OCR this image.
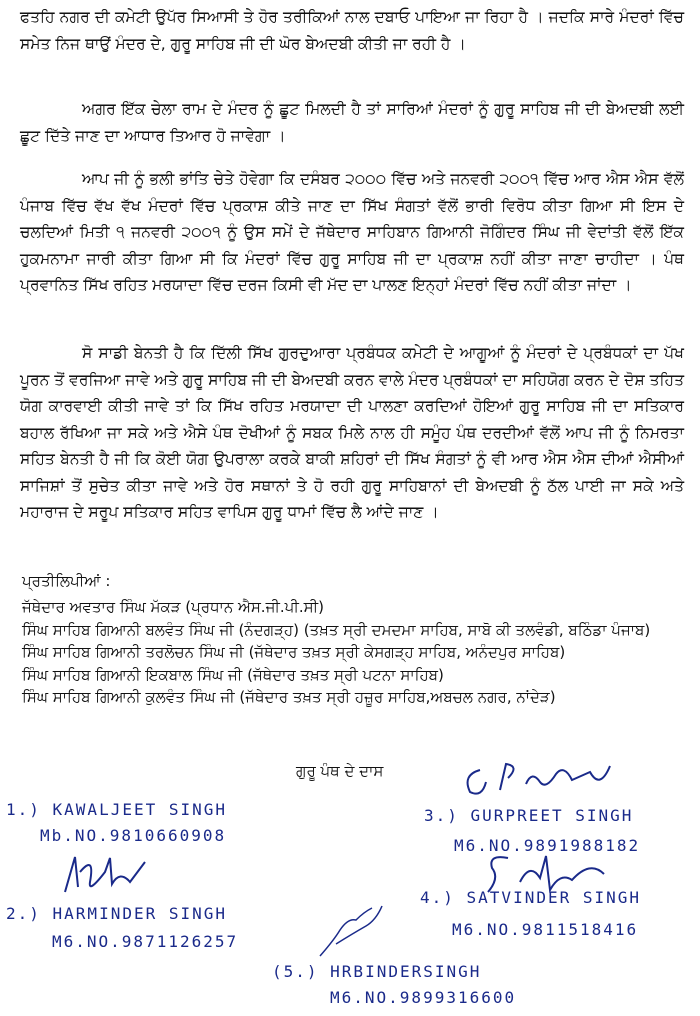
ਫਤਹਿ ਨਗਰ ਦੀ ਕਮੇਟੀ ਉਪੱਰ ਸਿਆਸੀ ਤੇ ਹੋਰ ਤਰੀਕਿਆਂ ਨਾਲ ਦਬਾਓ ਪਾਇਆ ਜਾ ਰਿਹਾ ਹੈ । ਜਦਕਿ ਸਾਰੇ ਮੰਦਰਾਂ ਵਿੱਚ ਸਮੇਤ ਨਿਜ ਥਾਉਂ ਮੰਦਰ ਦੇ, ਗੁਰੂ ਸਾਹਿਬ ਜੀ ਦੀ ਘੋਰ ਬੇਅਦਬੀ ਕੀਤੀ ਜਾ ਰਹੀ ਹੈ ।

ਅਗਰ ਇੱਕ ਚੇਲਾ ਰਾਮ ਦੇ ਮੰਦਰ ਨੂੰ ਛੂਟ ਮਿਲਦੀ ਹੈ ਤਾਂ ਸਾਰਿਆਂ ਮੰਦਰਾਂ ਨੂੰ ਗੁਰੂ ਸਾਹਿਬ ਜੀ ਦੀ ਬੇਅਦਬੀ ਲਈ ਛੂਟ ਦਿੱਤੇ ਜਾਣ ਦਾ ਆਧਾਰ ਤਿਆਰ ਹੋ ਜਾਵੇਗਾ ।

ਆਪ ਜੀ ਨੂੰ ਭਲੀ ਭਾਂਤਿ ਚੇਤੇ ਹੋਵੇਗਾ ਕਿ ਦਸੰਬਰ ੨੦੦੦ ਵਿੱਚ ਅਤੇ ਜਨਵਰੀ ੨੦੦੧ ਵਿੱਚ ਆਰ ਐਸ ਐਸ ਵੱਲੋਂ ਪੰਜਾਬ ਵਿੱਚ ਵੱਖ ਵੱਖ ਮੰਦਰਾਂ ਵਿੱਚ ਪ੍ਰਕਾਸ਼ ਕੀਤੇ ਜਾਣ ਦਾ ਸਿੱਖ ਸੰਗਤਾਂ ਵੱਲੋਂ ਭਾਰੀ ਵਿਰੋਧ ਕੀਤਾ ਗਿਆ ਸੀ ਇਸ ਦੇ ਚਲਦਿਆਂ ਮਿਤੀ ੧ ਜਨਵਰੀ ੨੦੦੧ ਨੂੰ ਉਸ ਸਮੇਂ ਦੇ ਜੱਥੇਦਾਰ ਸਾਹਿਬਾਨ ਗਿਆਨੀ ਜੋਗਿੰਦਰ ਸਿੰਘ ਜੀ ਵੇਦਾਂਤੀ ਵੱਲੋਂ ਇੱਕ ਹੁਕਮਨਾਮਾ ਜਾਰੀ ਕੀਤਾ ਗਿਆ ਸੀ ਕਿ ਮੰਦਰਾਂ ਵਿੱਚ ਗੁਰੂ ਸਾਹਿਬ ਜੀ ਦਾ ਪ੍ਰਕਾਸ਼ ਨਹੀਂ ਕੀਤਾ ਜਾਣਾ ਚਾਹੀਦਾ । ਪੰਥ ਪ੍ਰਵਾਨਿਤ ਸਿੱਖ ਰਹਿਤ ਮਰਯਾਦਾ ਵਿੱਚ ਦਰਜ ਕਿਸੀ ਵੀ ਮੱਦ ਦਾ ਪਾਲਣ ਇਨ੍ਹਾਂ ਮੰਦਰਾਂ ਵਿੱਚ ਨਹੀਂ ਕੀਤਾ ਜਾਂਦਾ ।

ਸੋ ਸਾਡੀ ਬੇਨਤੀ ਹੈ ਕਿ ਦਿੱਲੀ ਸਿੱਖ ਗੁਰਦੁਆਰਾ ਪ੍ਰਬੰਧਕ ਕਮੇਟੀ ਦੇ ਆਗੂਆਂ ਨੂੰ ਮੰਦਰਾਂ ਦੇ ਪ੍ਰਬੰਧਕਾਂ ਦਾ ਪੱਖ ਪੂਰਨ ਤੋਂ ਵਰਜਿਆ ਜਾਵੇ ਅਤੇ ਗੁਰੂ ਸਾਹਿਬ ਜੀ ਦੀ ਬੇਅਦਬੀ ਕਰਨ ਵਾਲੇ ਮੰਦਰ ਪ੍ਰਬੰਧਕਾਂ ਦਾ ਸਹਿਯੋਗ ਕਰਨ ਦੇ ਦੋਸ਼ ਤਹਿਤ ਯੋਗ ਕਾਰਵਾਈ ਕੀਤੀ ਜਾਵੇ ਤਾਂ ਕਿ ਸਿੱਖ ਰਹਿਤ ਮਰਯਾਦਾ ਦੀ ਪਾਲਣਾ ਕਰਦਿਆਂ ਹੋਇਆਂ ਗੁਰੂ ਸਾਹਿਬ ਜੀ ਦਾ ਸਤਿਕਾਰ ਬਹਾਲ ਰੱਖਿਆ ਜਾ ਸਕੇ ਅਤੇ ਐਸੇ ਪੰਥ ਦੋਖੀਆਂ ਨੂੰ ਸਬਕ ਮਿਲੇ ਨਾਲ ਹੀ ਸਮੂੰਹ ਪੰਥ ਦਰਦੀਆਂ ਵੱਲੋਂ ਆਪ ਜੀ ਨੂੰ ਨਿਮਰਤਾ ਸਹਿਤ ਬੇਨਤੀ ਹੈ ਜੀ ਕਿ ਕੋਈ ਯੋਗ ਉਪਰਾਲਾ ਕਰਕੇ ਬਾਕੀ ਸ਼ਹਿਰਾਂ ਦੀ ਸਿੱਖ ਸੰਗਤਾਂ ਨੂੰ ਵੀ ਆਰ ਐਸ ਐਸ ਦੀਆਂ ਐਸੀਆਂ ਸਾਜਿਸ਼ਾਂ ਤੋਂ ਸੁਚੇਤ ਕੀਤਾ ਜਾਵੇ ਅਤੇ ਹੋਰ ਸਥਾਨਾਂ ਤੇ ਹੋ ਰਹੀ ਗੁਰੂ ਸਾਹਿਬਾਨਾਂ ਦੀ ਬੇਅਦਬੀ ਨੂੰ ਠੱਲ ਪਾਈ ਜਾ ਸਕੇ ਅਤੇ ਮਹਾਰਾਜ ਦੇ ਸਰੂਪ ਸਤਿਕਾਰ ਸਹਿਤ ਵਾਪਿਸ ਗੁਰੂ ਧਾਮਾਂ ਵਿੱਚ ਲੈ ਆਂਦੇ ਜਾਣ ।

ਪ੍ਰਤੀਲਿਪੀਆਂ :
ਜੱਥੇਦਾਰ ਅਵਤਾਰ ਸਿੰਘ ਮੱਕੜ (ਪ੍ਰਧਾਨ ਐਸ.ਜੀ.ਪੀ.ਸੀ)
ਸਿੰਘ ਸਾਹਿਬ ਗਿਆਨੀ ਬਲਵੰਤ ਸਿੰਘ ਜੀ (ਨੰਦਗੜ੍ਹ) (ਤਖ਼ਤ ਸ੍ਰੀ ਦਮਦਮਾ ਸਾਹਿਬ, ਸਾਬੋ ਕੀ ਤਲਵੰਡੀ, ਬਠਿੰਡਾ ਪੰਜਾਬ)
ਸਿੰਘ ਸਾਹਿਬ ਗਿਆਨੀ ਤਰਲੋਚਨ ਸਿੰਘ ਜੀ (ਜੱਥੇਦਾਰ ਤਖ਼ਤ ਸ੍ਰੀ ਕੇਸਗੜ੍ਹ ਸਾਹਿਬ, ਅਨੰਦਪੁਰ ਸਾਹਿਬ)
ਸਿੰਘ ਸਾਹਿਬ ਗਿਆਨੀ ਇਕਬਾਲ ਸਿੰਘ ਜੀ (ਜੱਥੇਦਾਰ ਤਖ਼ਤ ਸ੍ਰੀ ਪਟਨਾ ਸਾਹਿਬ)
ਸਿੰਘ ਸਾਹਿਬ ਗਿਆਨੀ ਕੁਲਵੰਤ ਸਿੰਘ ਜੀ (ਜੱਥੇਦਾਰ ਤਖ਼ਤ ਸ੍ਰੀ ਹਜ਼ੂਰ ਸਾਹਿਬ,ਅਬਚਲ ਨਗਰ, ਨਾਂਦੇੜ)
ਗੁਰੂ ਪੰਥ ਦੇ ਦਾਸ
1.) KAWALJEET SINGH
Mb.NO.9810660908
2.) HARMINDER SINGH
M6.NO.9871126257
3.) GURPREET SINGH
M6.NO.9891988182
4.) SATVINDER SINGH
M6.NO.9811518416
(5.) HRBINDERSINGH
M6.NO.9899316600
